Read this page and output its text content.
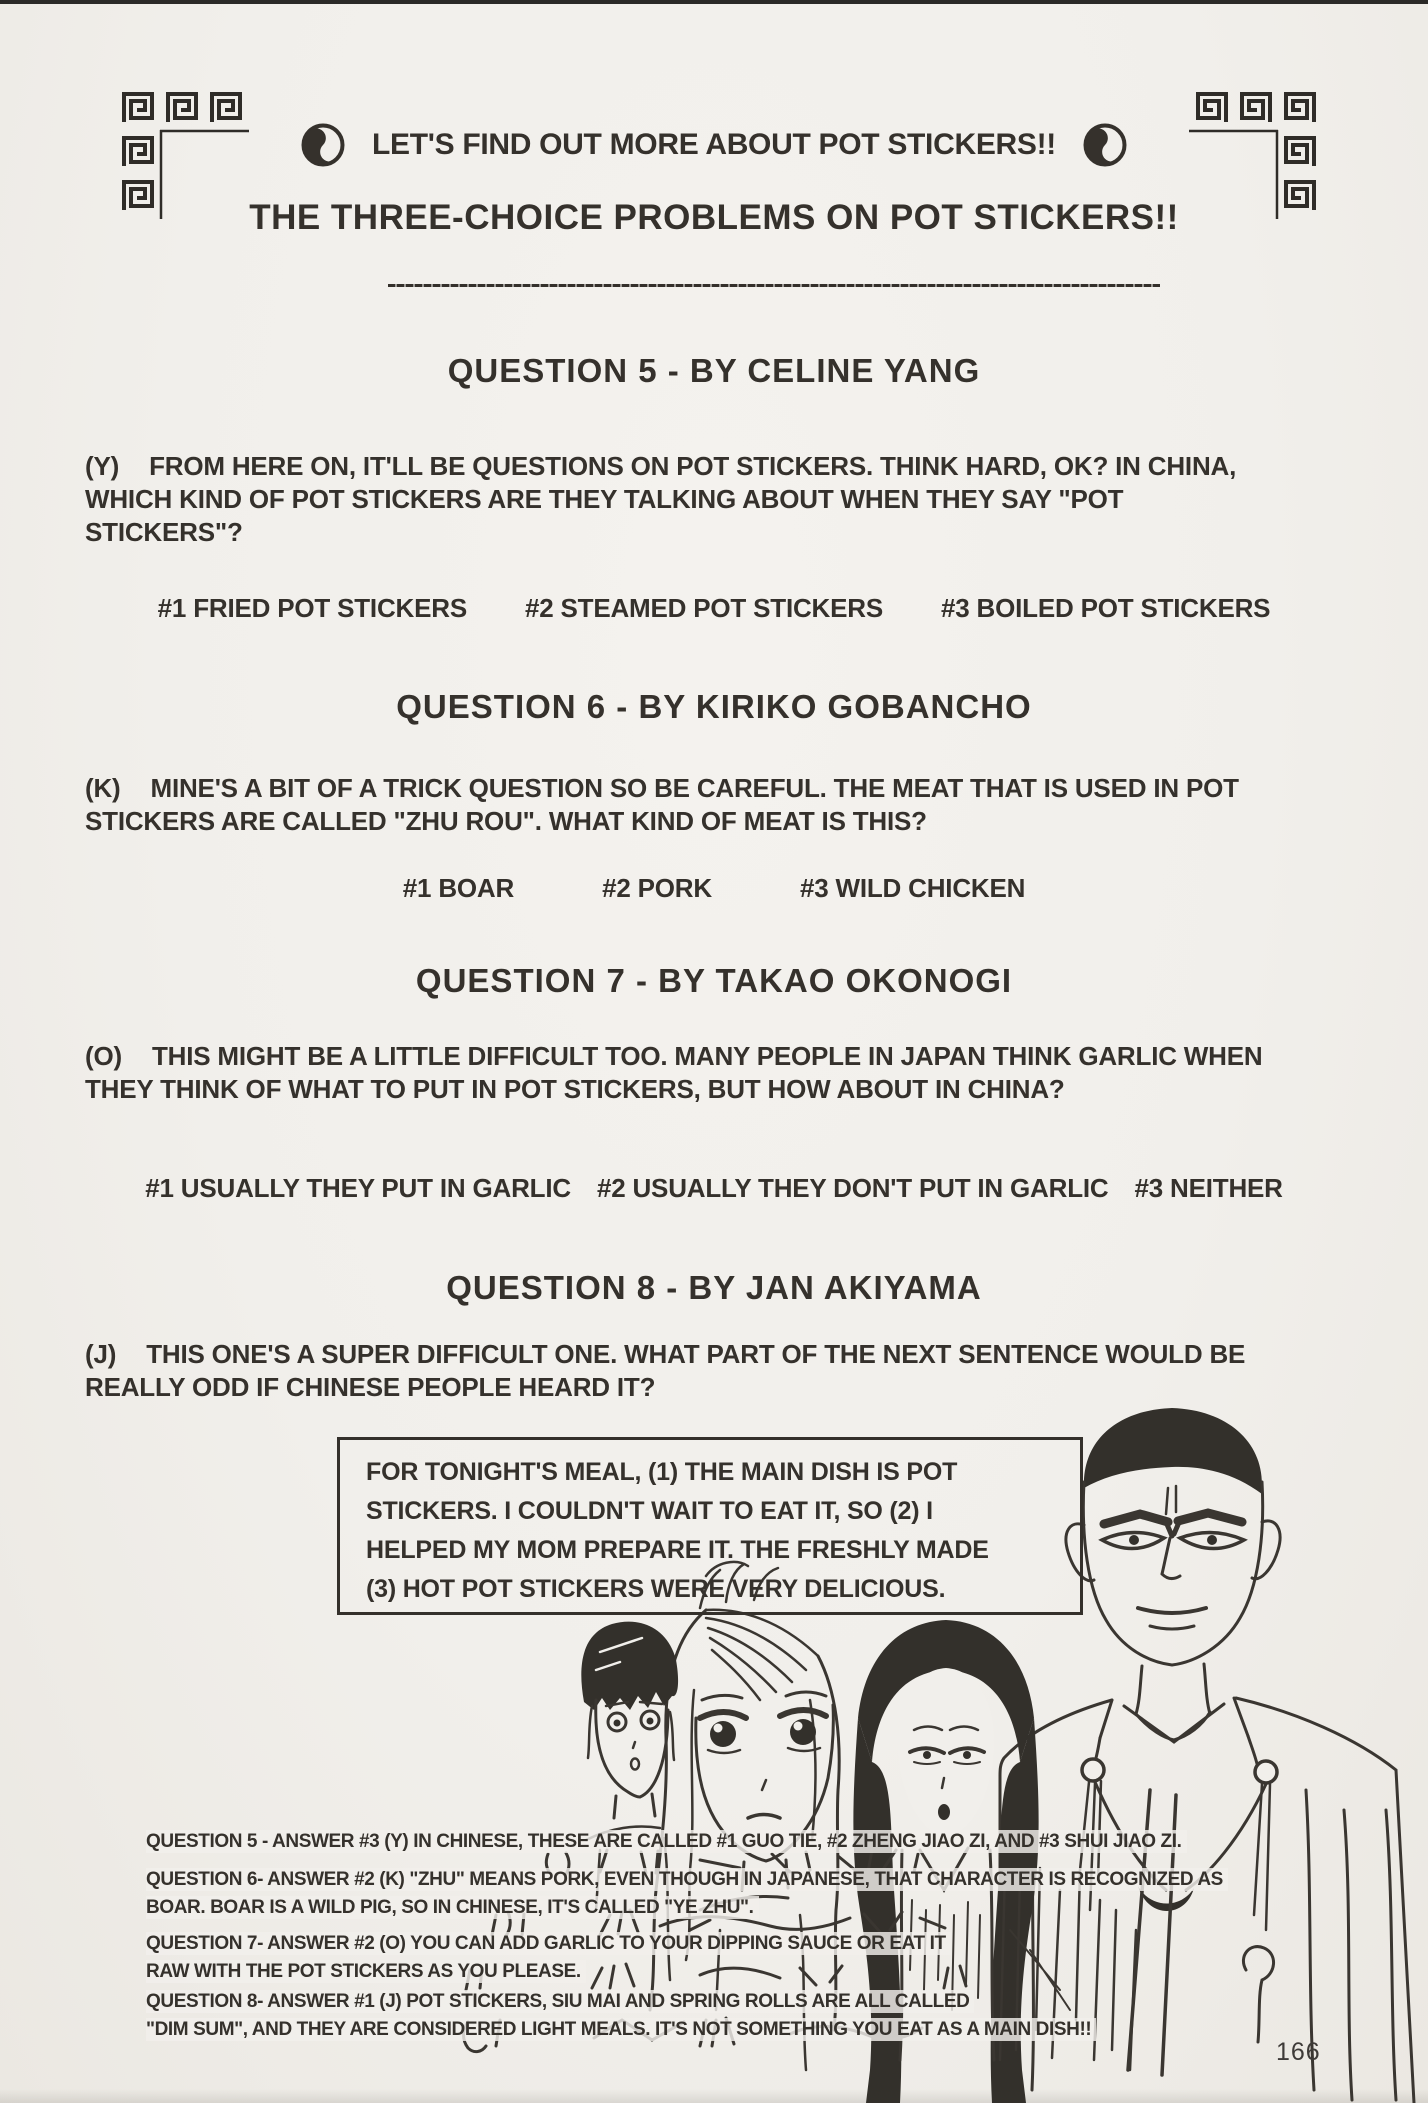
LET'S FIND OUT MORE ABOUT POT STICKERS!!
THE THREE-CHOICE PROBLEMS ON POT STICKERS!!
QUESTION 5 - BY CELINE YANG
(Y) FROM HERE ON, IT'LL BE QUESTIONS ON POT STICKERS. THINK HARD, OK? IN CHINA, WHICH KIND OF POT STICKERS ARE THEY TALKING ABOUT WHEN THEY SAY "POT STICKERS"?
#1 FRIED POT STICKERS #2 STEAMED POT STICKERS #3 BOILED POT STICKERS
QUESTION 6 - BY KIRIKO GOBANCHO
(K) MINE'S A BIT OF A TRICK QUESTION SO BE CAREFUL. THE MEAT THAT IS USED IN POT STICKERS ARE CALLED "ZHU ROU". WHAT KIND OF MEAT IS THIS?
#1 BOAR	#2 PORK	#3 WILD CHICKEN
QUESTION 7 - BY TAKAO OKONOGI
(O) THIS MIGHT BE A LITTLE DIFFICULT TOO. MANY PEOPLE IN JAPAN THINK GARLIC WHEN THEY THINK OF WHAT TO PUT IN POT STICKERS, BUT HOW ABOUT IN CHINA?
#1 USUALLY THEY PUT IN GARLIC #2 USUALLY THEY DON'T PUT IN GARLIC #3 NEITHER
QUESTION 8 - BY JAN AKIYAMA
(J) THIS ONE'S A SUPER DIFFICULT ONE. WHAT PART OF THE NEXT SENTENCE WOULD BE REALLY ODD IF CHINESE PEOPLE HEARD IT?
FOR TONIGHT'S MEAL, (1) THE MAIN DISH IS POT
STICKERS. I COULDN'T WAIT TO EAT IT, SO (2) I
HELPED MY MOM PREPARE IT. THE FRESHLY MADE
(3) HOT POT STICKERS WERE VERY DELICIOUS.
QUESTION 5 - ANSWER #3 (Y) IN CHINESE, THESE ARE CALLED #1 GUO TIE, #2 ZHENG JIAO ZI, AND #3 SHUI JIAO ZI.
QUESTION 6- ANSWER #2 (K) "ZHU" MEANS PORK, EVEN THOUGH IN JAPANESE, THAT CHARACTER IS RECOGNIZED AS
BOAR. BOAR IS A WILD PIG, SO IN CHINESE, IT'S CALLED "YE ZHU".
QUESTION 7- ANSWER #2 (O) YOU CAN ADD GARLIC TO YOUR DIPPING SAUCE OR EAT IT
RAW WITH THE POT STICKERS AS YOU PLEASE.
QUESTION 8- ANSWER #1 (J) POT STICKERS, SIU MAI AND SPRING ROLLS ARE ALL CALLED
"DIM SUM", AND THEY ARE CONSIDERED LIGHT MEALS. IT'S NOT SOMETHING YOU EAT AS A MAIN DISH!!
166
